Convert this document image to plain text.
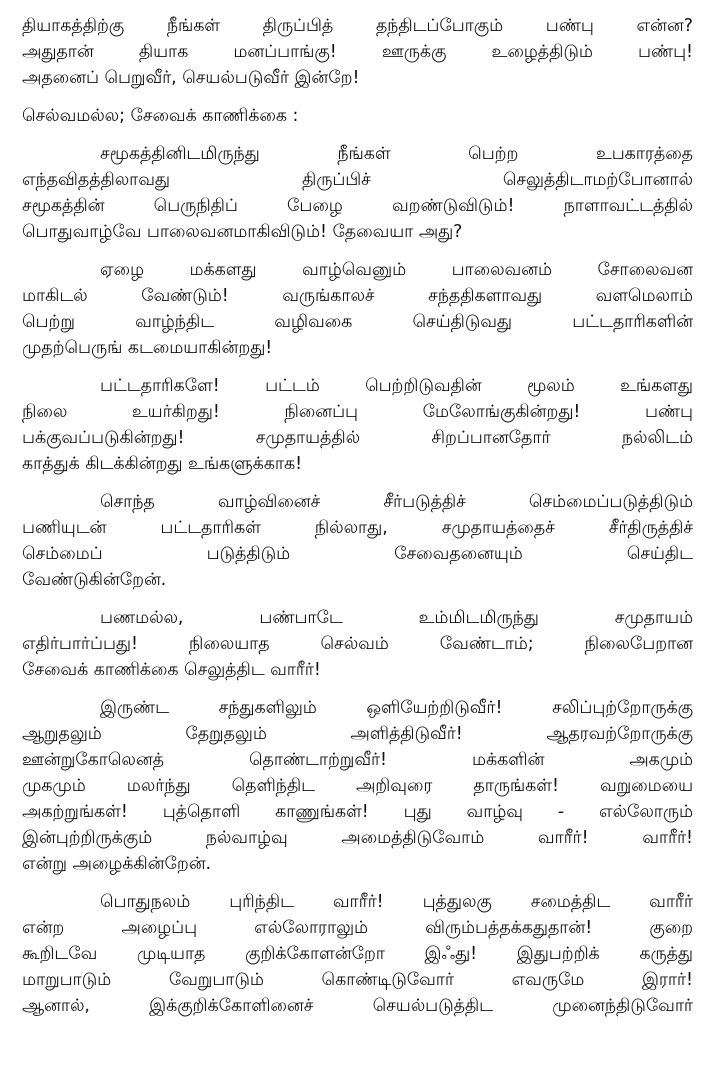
தியாகத்திற்கு நீங்கள் திருப்பித் தந்திடப்போகும் பண்பு என்ன?
அதுதான் தியாக மனப்பாங்கு! ஊருக்கு உழைத்திடும் பண்பு!
அதனைப் பெறுவீர், செயல்படுவீர் இன்றே!
செல்வமல்ல; சேவைக் காணிக்கை :
சமூகத்தினிடமிருந்து நீங்கள் பெற்ற உபகாரத்தை
எந்தவிதத்திலாவது திருப்பிச் செலுத்திடாமற்போனால்
சமூகத்தின் பெருநிதிப் பேழை வறண்டுவிடும்! நாளாவட்டத்தில்
பொதுவாழ்வே பாலைவனமாகிவிடும்! தேவையா அது?
ஏழை மக்களது வாழ்வெனும் பாலைவனம் சோலைவன
மாகிடல் வேண்டும்! வருங்காலச் சந்ததிகளாவது வளமெலாம்
பெற்று வாழ்ந்திட வழிவகை செய்திடுவது பட்டதாரிகளின்
முதற்பெருங் கடமையாகின்றது!
பட்டதாரிகளே! பட்டம் பெற்றிடுவதின் மூலம் உங்களது
நிலை உயர்கிறது! நினைப்பு மேலோங்குகின்றது! பண்பு
பக்குவப்படுகின்றது! சமுதாயத்தில் சிறப்பானதோர் நல்லிடம்
காத்துக் கிடக்கின்றது உங்களுக்காக!
சொந்த வாழ்வினைச் சீர்படுத்திச் செம்மைப்படுத்திடும்
பணியுடன் பட்டதாரிகள் நில்லாது, சமுதாயத்தைச் சீர்திருத்திச்
செம்மைப் படுத்திடும் சேவைதனையும் செய்திட
வேண்டுகின்றேன்.
பணமல்ல, பண்பாடே உம்மிடமிருந்து சமுதாயம்
எதிர்பார்ப்பது! நிலையாத செல்வம் வேண்டாம்; நிலைபேறான
சேவைக் காணிக்கை செலுத்திட வாரீர்!
இருண்ட சந்துகளிலும் ஒளியேற்றிடுவீர்! சலிப்புற்றோருக்கு
ஆறுதலும் தேறுதலும் அளித்திடுவீர்! ஆதரவற்றோருக்கு
ஊன்றுகோலெனத் தொண்டாற்றுவீர்! மக்களின் அகமும்
முகமும் மலர்ந்து தெளிந்திட அறிவுரை தாருங்கள்! வறுமையை
அகற்றுங்கள்! புத்தொளி காணுங்கள்! புது வாழ்வு - எல்லோரும்
இன்புற்றிருக்கும் நல்வாழ்வு அமைத்திடுவோம் வாரீர்! வாரீர்!
என்று அழைக்கின்றேன்.
பொதுநலம் புரிந்திட வாரீர்! புத்துலகு சமைத்திட வாரீர்
என்ற அழைப்பு எல்லோராலும் விரும்பத்தக்கதுதான்! குறை
கூறிடவே முடியாத குறிக்கோளன்றோ இஃது! இதுபற்றிக் கருத்து
மாறுபாடும் வேறுபாடும் கொண்டிடுவோர் எவருமே இரார்!
ஆனால், இக்குறிக்கோளினைச் செயல்படுத்திட முனைந்திடுவோர்
